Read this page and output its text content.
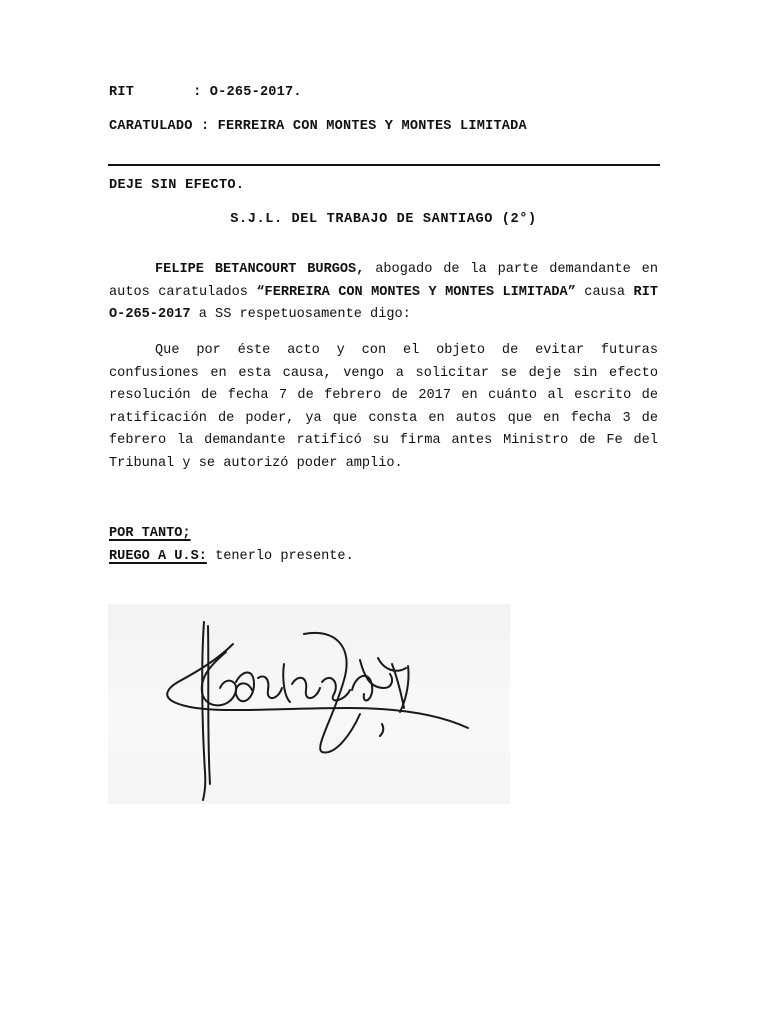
RIT	: O-265-2017.
CARATULADO : FERREIRA CON MONTES Y MONTES LIMITADA
DEJE SIN EFECTO.
S.J.L. DEL TRABAJO DE SANTIAGO (2°)
FELIPE BETANCOURT BURGOS, abogado de la parte demandante en autos caratulados “FERREIRA CON MONTES Y MONTES LIMITADA” causa RIT O-265-2017 a SS respetuosamente digo:
Que por éste acto y con el objeto de evitar futuras confusiones en esta causa, vengo a solicitar se deje sin efecto resolución de fecha 7 de febrero de 2017 en cuánto al escrito de ratificación de poder, ya que consta en autos que en fecha 3 de febrero la demandante ratificó su firma antes Ministro de Fe del Tribunal y se autorizó poder amplio.
POR TANTO;
RUEGO A U.S: tenerlo presente.
